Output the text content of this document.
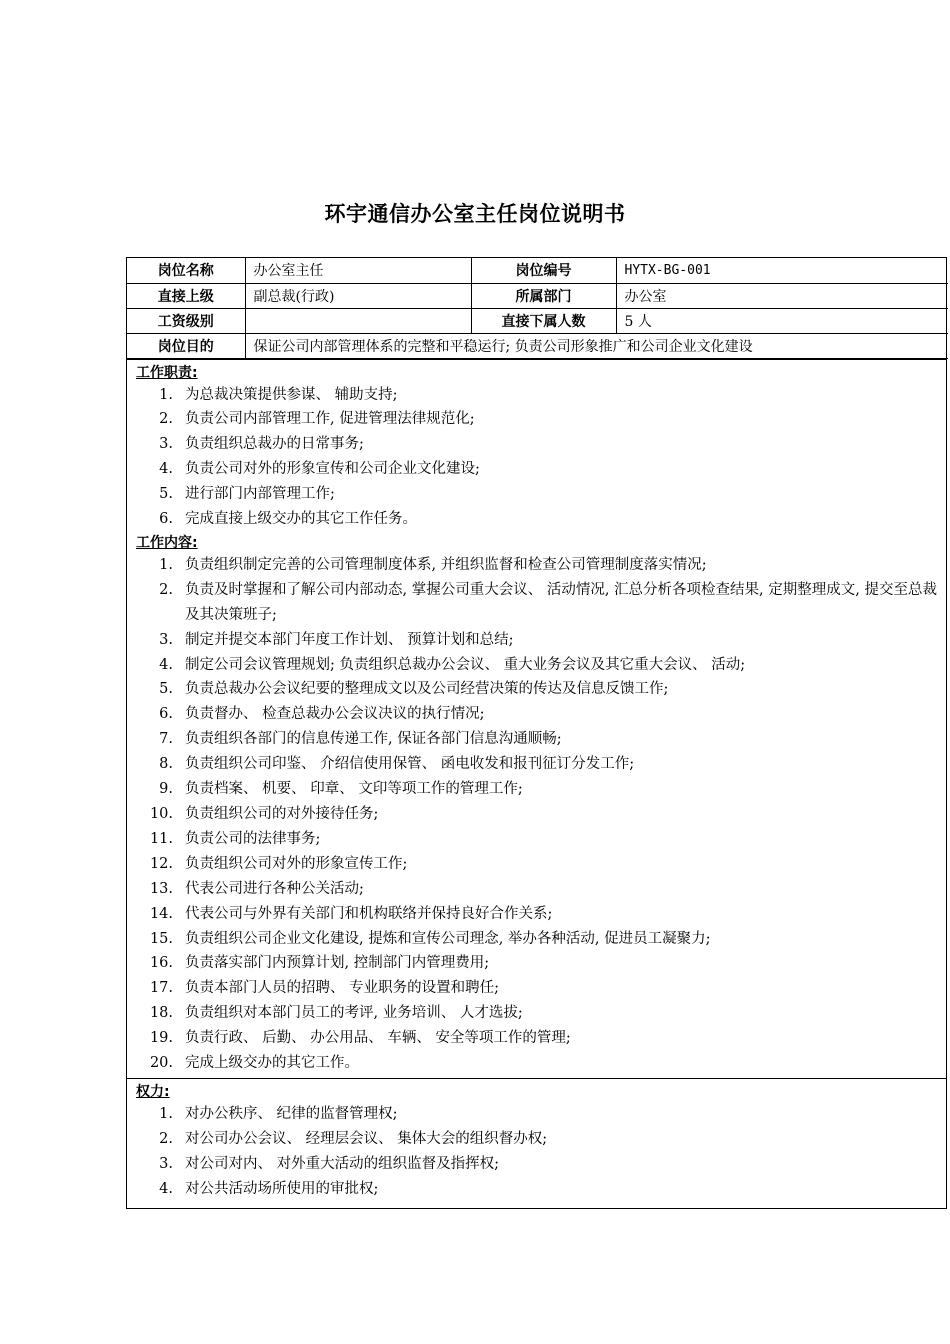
环宇通信办公室主任岗位说明书
岗位名称	办公室主任	岗位编号	HYTX-BG-001
直接上级	副总裁(行政)	所属部门	办公室
工资级别		直接下属人数	5 人
岗位目的	保证公司内部管理体系的完整和平稳运行; 负责公司形象推广和公司企业文化建设		
工作职责:
1. 为总裁决策提供参谋、 辅助支持;
2. 负责公司内部管理工作, 促进管理法律规范化;
3. 负责组织总裁办的日常事务;
4. 负责公司对外的形象宣传和公司企业文化建设;
5. 进行部门内部管理工作;
6. 完成直接上级交办的其它工作任务。
工作内容:
1. 负责组织制定完善的公司管理制度体系, 并组织监督和检查公司管理制度落实情况;
2. 负责及时掌握和了解公司内部动态, 掌握公司重大会议、 活动情况, 汇总分析各项检查结果, 定期整理成文, 提交至总裁及其决策班子;
3. 制定并提交本部门年度工作计划、 预算计划和总结;
4. 制定公司会议管理规划; 负责组织总裁办公会议、 重大业务会议及其它重大会议、 活动;
5. 负责总裁办公会议纪要的整理成文以及公司经营决策的传达及信息反馈工作;
6. 负责督办、 检查总裁办公会议决议的执行情况;
7. 负责组织各部门的信息传递工作, 保证各部门信息沟通顺畅;
8. 负责组织公司印鉴、 介绍信使用保管、 函电收发和报刊征订分发工作;
9. 负责档案、 机要、 印章、 文印等项工作的管理工作;
10. 负责组织公司的对外接待任务;
11. 负责公司的法律事务;
12. 负责组织公司对外的形象宣传工作;
13. 代表公司进行各种公关活动;
14. 代表公司与外界有关部门和机构联络并保持良好合作关系;
15. 负责组织公司企业文化建设, 提炼和宣传公司理念, 举办各种活动, 促进员工凝聚力;
16. 负责落实部门内预算计划, 控制部门内管理费用;
17. 负责本部门人员的招聘、 专业职务的设置和聘任;
18. 负责组织对本部门员工的考评, 业务培训、 人才选拔;
19. 负责行政、 后勤、 办公用品、 车辆、 安全等项工作的管理;
20. 完成上级交办的其它工作。
权力:
1. 对办公秩序、 纪律的监督管理权;
2. 对公司办公会议、 经理层会议、 集体大会的组织督办权;
3. 对公司对内、 对外重大活动的组织监督及指挥权;
4. 对公共活动场所使用的审批权;
